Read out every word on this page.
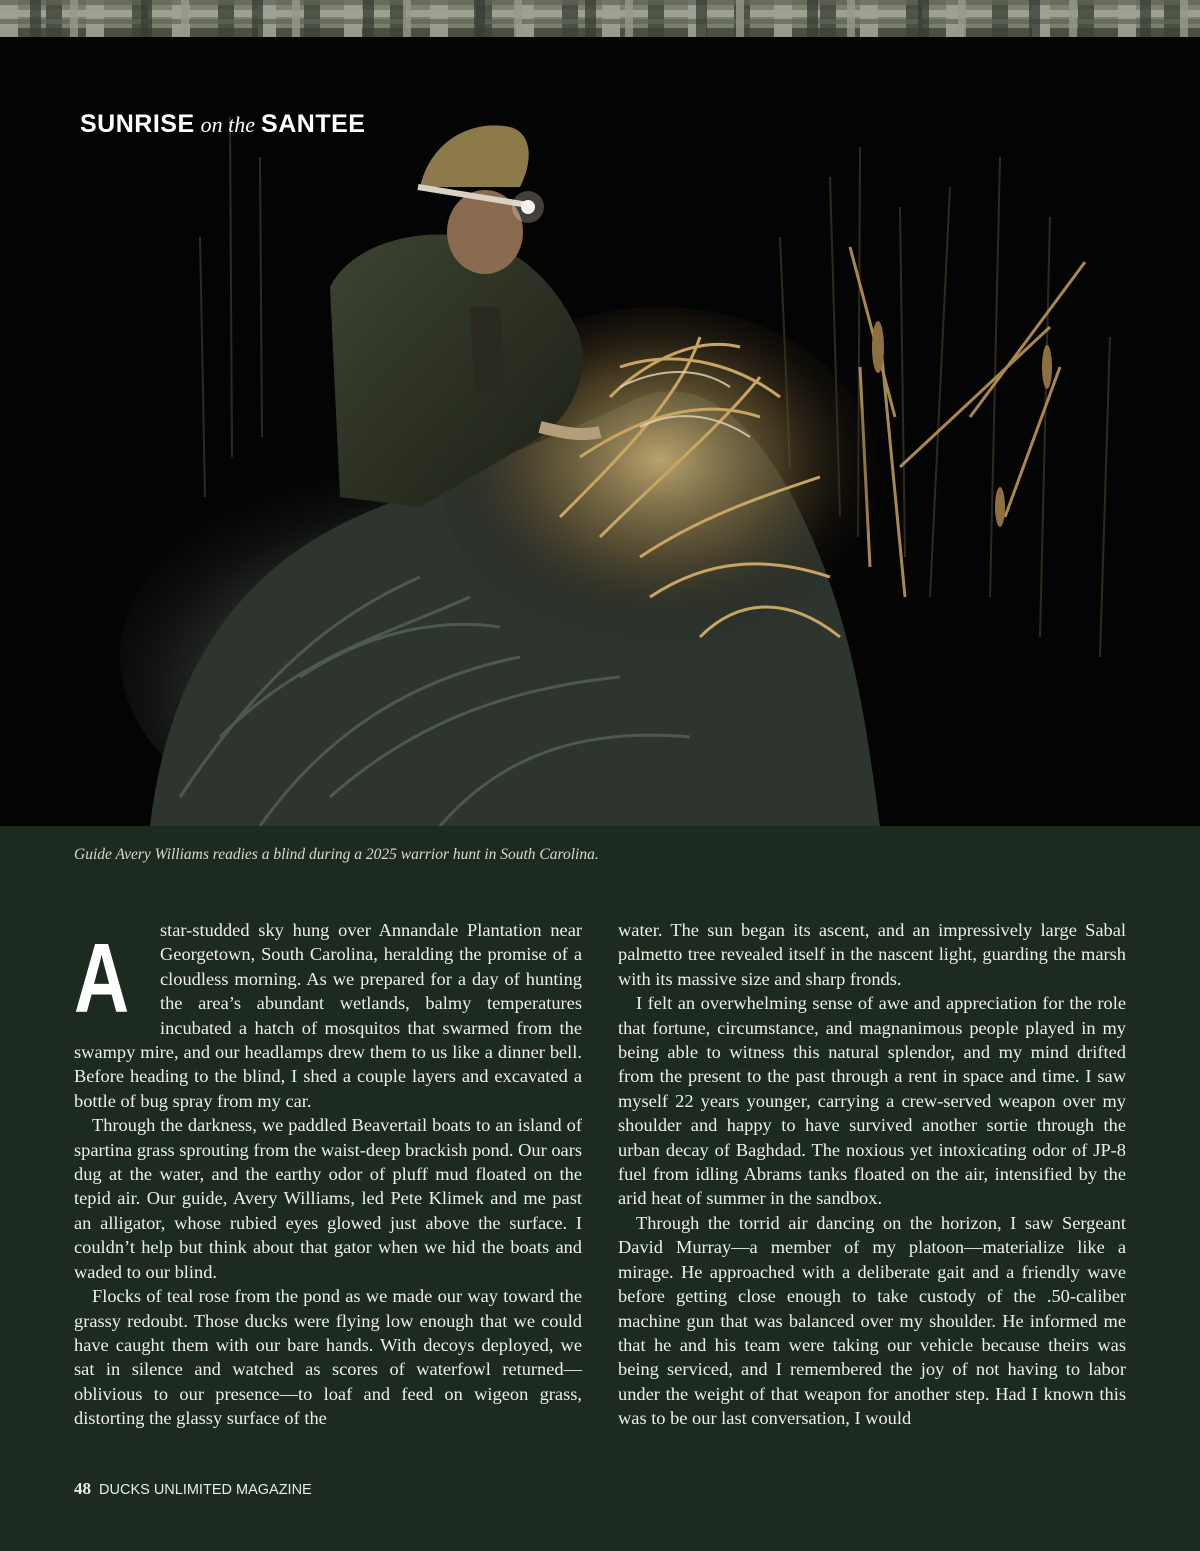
SUNRISE on the SANTEE
Guide Avery Williams readies a blind during a 2025 warrior hunt in South Carolina.
A	star-studded sky hung over Annandale Plantation near Georgetown, South Carolina, heralding the promise of a cloudless morning. As we prepared for a day of hunting the area’s abundant wetlands, balmy temperatures incubated a hatch of mosquitos that swarmed from the swampy mire, and our headlamps drew them to us like a dinner bell. Before heading to the blind, I shed a couple layers and excavated a bottle of bug spray from my car.

Through the darkness, we paddled Beavertail boats to an island of spartina grass sprouting from the waist-deep brackish pond. Our oars dug at the water, and the earthy odor of pluff mud floated on the tepid air. Our guide, Avery Williams, led Pete Klimek and me past an alligator, whose rubied eyes glowed just above the surface. I couldn’t help but think about that gator when we hid the boats and waded to our blind.

Flocks of teal rose from the pond as we made our way toward the grassy redoubt. Those ducks were flying low enough that we could have caught them with our bare hands. With decoys deployed, we sat in silence and watched as scores of waterfowl returned—oblivious to our presence—to loaf and feed on wigeon grass, distorting the glassy surface of the

water. The sun began its ascent, and an impressively large Sabal palmetto tree revealed itself in the nascent light, guarding the marsh with its massive size and sharp fronds.

I felt an overwhelming sense of awe and appreciation for the role that fortune, circumstance, and magnanimous people played in my being able to witness this natural splendor, and my mind drifted from the present to the past through a rent in space and time. I saw myself 22 years younger, carrying a crew-served weapon over my shoulder and happy to have survived another sortie through the urban decay of Baghdad. The noxious yet intoxicating odor of JP-8 fuel from idling Abrams tanks floated on the air, intensified by the arid heat of summer in the sandbox.

Through the torrid air dancing on the horizon, I saw Sergeant David Murray—a member of my platoon—materialize like a mirage. He approached with a deliberate gait and a friendly wave before getting close enough to take custody of the .50-caliber machine gun that was balanced over my shoulder. He informed me that he and his team were taking our vehicle because theirs was being serviced, and I remembered the joy of not having to labor under the weight of that weapon for another step. Had I known this was to be our last conversation, I would

48 DUCKS UNLIMITED MAGAZINE
